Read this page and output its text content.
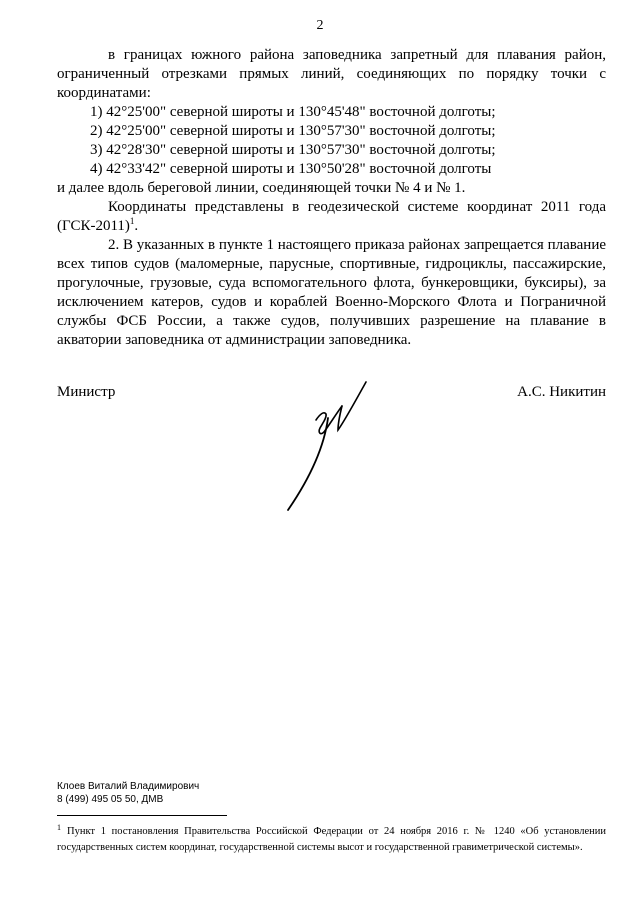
2

в границах южного района заповедника запретный для плавания район, ограниченный отрезками прямых линий, соединяющих по порядку точки с координатами:

1) 42°25'00" северной широты и 130°45'48" восточной долготы;

2) 42°25'00" северной широты и 130°57'30" восточной долготы;

3) 42°28'30" северной широты и 130°57'30" восточной долготы;

4) 42°33'42" северной широты и 130°50'28" восточной долготы

и далее вдоль береговой линии, соединяющей точки № 4 и № 1.

Координаты представлены в геодезической системе координат 2011 года $(ГСК-2011)^1$.

2. В указанных в пункте 1 настоящего приказа районах запрещается плавание всех типов судов (маломерные, парусные, спортивные, гидроциклы, пассажирские, прогулочные, грузовые, суда вспомогательного флота, бункеровщики, буксиры), за исключением катеров, судов и кораблей Военно-Морского Флота и Пограничной службы ФСБ России, а также судов, получивших разрешение на плавание в акватории заповедника от администрации заповедника.

Министр	А.С. Никитин
Клоев Виталий Владимирович
8 (499) 495 05 50, ДМВ
$^1$ Пункт 1 постановления Правительства Российской Федерации от 24 ноября 2016 г. № 1240 «Об установлении государственных систем координат, государственной системы высот и государственной гравиметрической системы».
